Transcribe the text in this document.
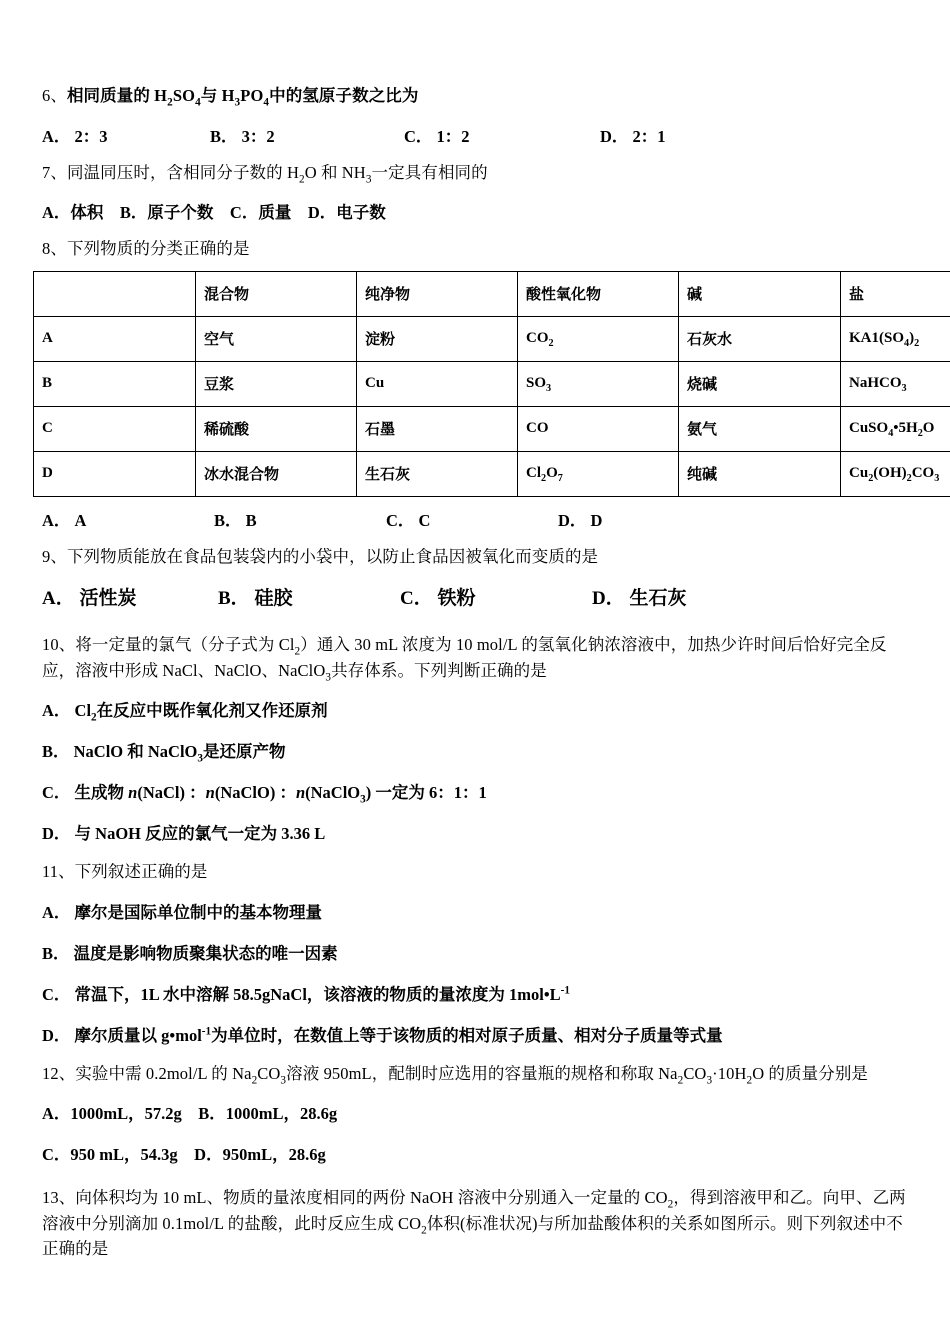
6、相同质量的 $H_2SO_4$与 $H_3PO_4$中的氢原子数之比为
A． 2：3	B． 3：2	C． 1：2	D． 2：1
7、同温同压时，含相同分子数的 $H_2O$ 和 $NH_3$一定具有相同的
A．体积　B．原子个数　C．质量　D．电子数
8、下列物质的分类正确的是
	混合物	纯净物	酸性氧化物	碱	盐
A	空气	淀粉	$CO_2$	石灰水	$KA1(SO_4)_2$
B	豆浆	Cu	$SO_3$	烧碱	NaHCO$_3$
C	稀硫酸	石墨	CO	氨气	$CuSO_4•5H_2O$
D	冰水混合物	生石灰	$Cl_2O_7$	纯碱	$Cu_2(OH)_2CO_3$
A． A	B． B	C． C	D． D
9、下列物质能放在食品包装袋内的小袋中，以防止食品因被氧化而变质的是
A． 活性炭	B． 硅胶	C． 铁粉	D． 生石灰
10、将一定量的氯气（分子式为 $Cl_2$）通入 30 mL 浓度为 10 mol/L 的氢氧化钠浓溶液中，加热少许时间后恰好完全反应，溶液中形成 NaCl、NaClO、NaClO$_3$共存体系。下列判断正确的是
A． $Cl_2$在反应中既作氧化剂又作还原剂
B． NaClO 和 NaClO$_3$是还原产物
C． 生成物 n(NaCl) ：n(NaClO) ：n(NaClO$_3$) 一定为 6：1：1
D． 与 NaOH 反应的氯气一定为 3.36 L
11、下列叙述正确的是
A． 摩尔是国际单位制中的基本物理量
B． 温度是影响物质聚集状态的唯一因素
C． 常温下，1L 水中溶解 58.5gNaCl，该溶液的物质的量浓度为 $1mol•L^{-1}$
D． 摩尔质量以 g•mol$^{-1}$为单位时，在数值上等于该物质的相对原子质量、相对分子质量等式量
12、实验中需 0.2mol/L 的 $Na_2CO_3$溶液 950mL，配制时应选用的容量瓶的规格和称取 $Na_2CO_3\cdot 10H_2O$ 的质量分别是
A．1000mL，57.2g　B．1000mL，28.6g
C．950 mL，54.3g　D．950mL，28.6g
13、向体积均为 10 mL、物质的量浓度相同的两份 NaOH 溶液中分别通入一定量的 $CO_2$，得到溶液甲和乙。向甲、乙两溶液中分别滴加 0.1mol/L 的盐酸，此时反应生成 $CO_2$体积(标准状况)与所加盐酸体积的关系如图所示。则下列叙述中不正确的是
